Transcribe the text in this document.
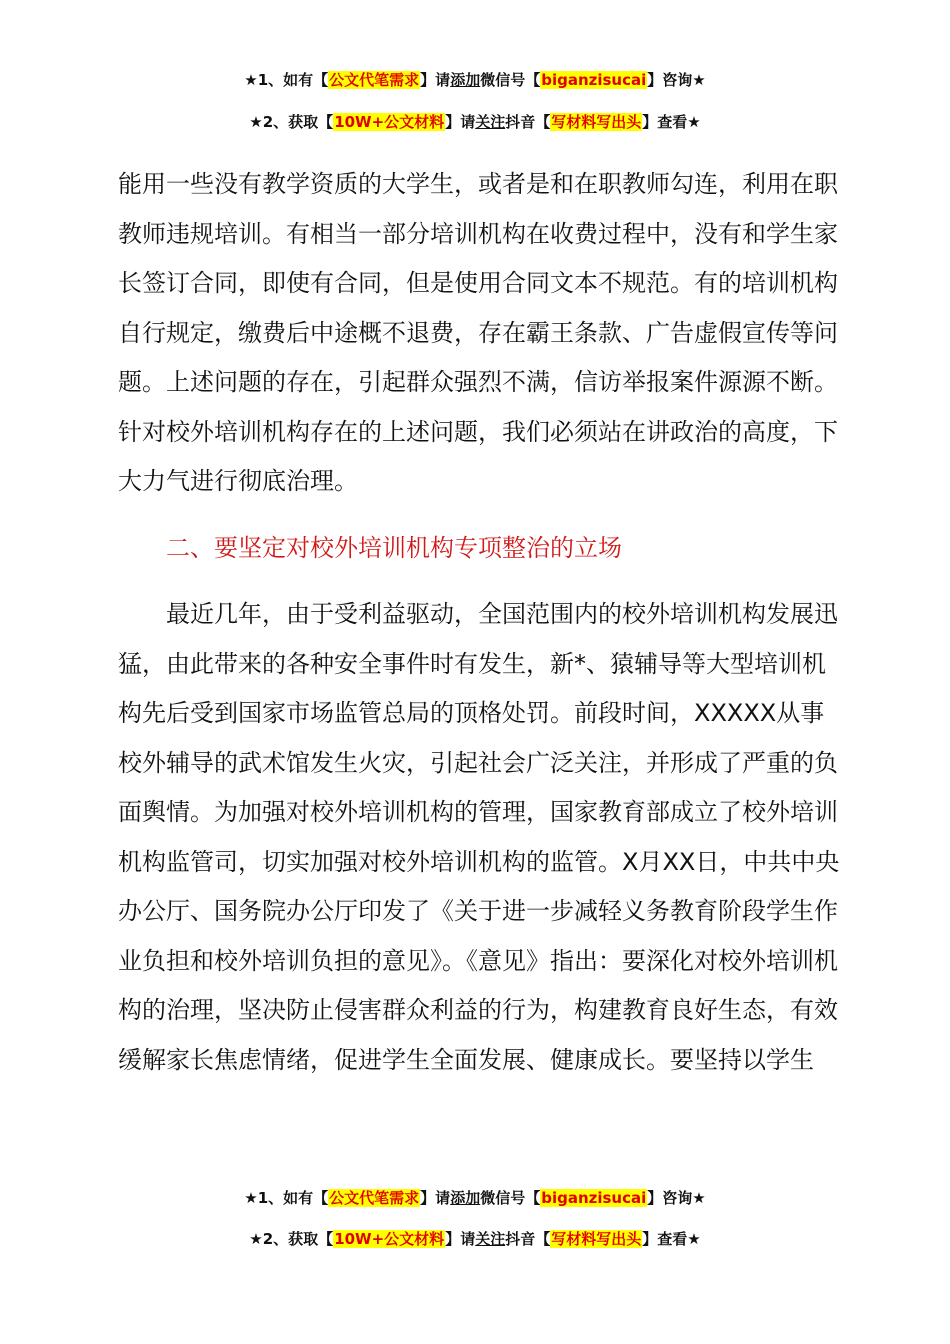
★1、如有【公文代笔需求】请添加微信号【biganzisucai】咨询★
★2、获取【10W+公文材料】请关注抖音【写材料写出头】查看★

能用一些没有教学资质的大学生，或者是和在职教师勾连，利用在职教师违规培训。有相当一部分培训机构在收费过程中，没有和学生家长签订合同，即使有合同，但是使用合同文本不规范。有的培训机构自行规定，缴费后中途概不退费，存在霸王条款、广告虚假宣传等问题。上述问题的存在，引起群众强烈不满，信访举报案件源源不断。针对校外培训机构存在的上述问题，我们必须站在讲政治的高度，下大力气进行彻底治理。

二、要坚定对校外培训机构专项整治的立场

最近几年，由于受利益驱动，全国范围内的校外培训机构发展迅猛，由此带来的各种安全事件时有发生，新*、猿辅导等大型培训机构先后受到国家市场监管总局的顶格处罚。前段时间，XXXXX从事校外辅导的武术馆发生火灾，引起社会广泛关注，并形成了严重的负面舆情。为加强对校外培训机构的管理，国家教育部成立了校外培训机构监管司，切实加强对校外培训机构的监管。X月XX日，中共中央办公厅、国务院办公厅印发了《关于进一步减轻义务教育阶段学生作业负担和校外培训负担的意见》。《意见》指出：要深化对校外培训机构的治理，坚决防止侵害群众利益的行为，构建教育良好生态，有效缓解家长焦虑情绪，促进学生全面发展、健康成长。要坚持以学生

★1、如有【公文代笔需求】请添加微信号【biganzisucai】咨询★
★2、获取【10W+公文材料】请关注抖音【写材料写出头】查看★
